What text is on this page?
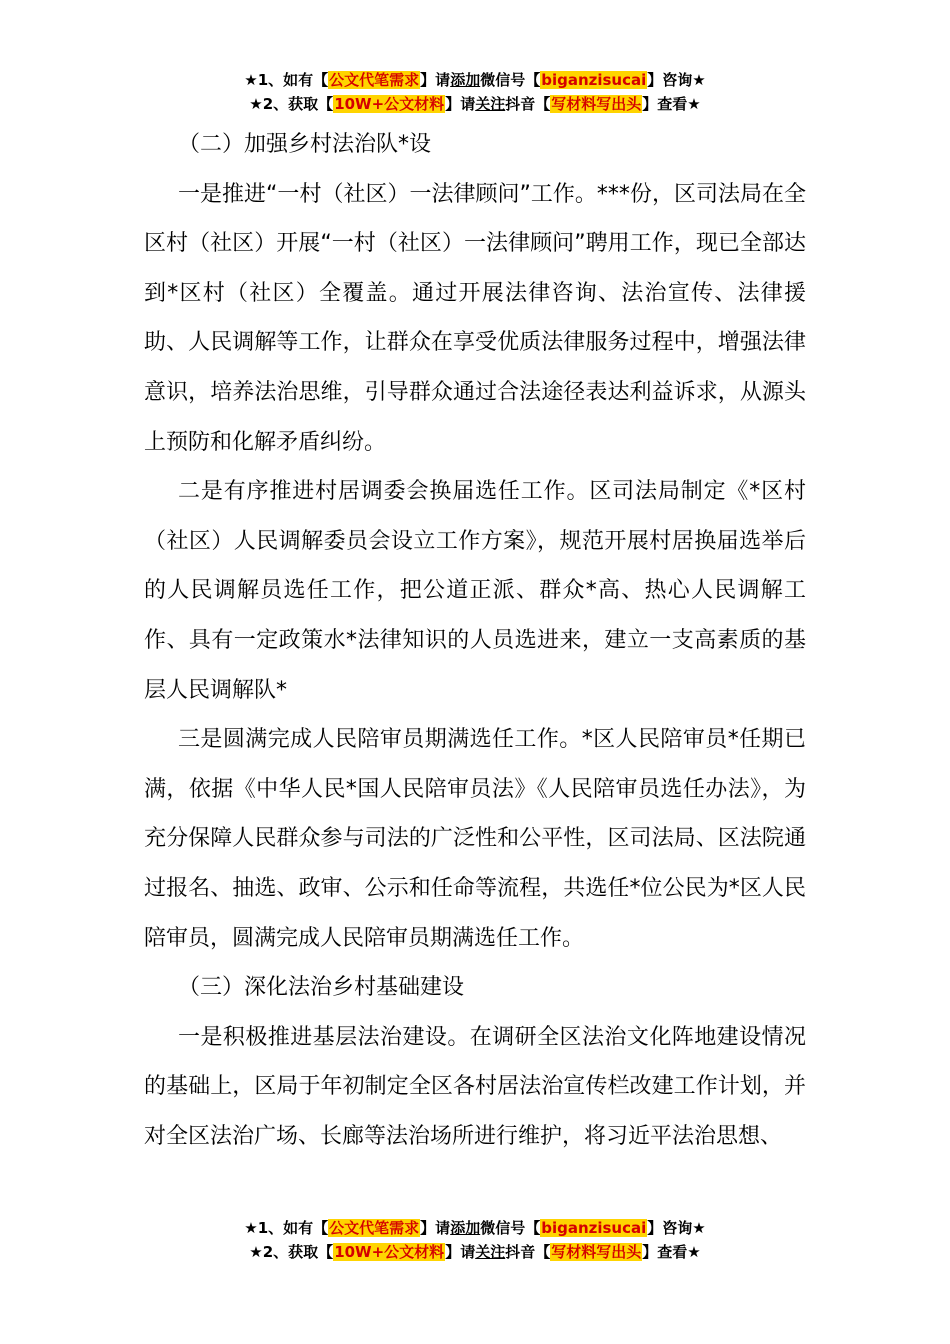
★1、如有【公文代笔需求】请添加微信号【biganzisucai】咨询★
★2、获取【10W+公文材料】请关注抖音【写材料写出头】查看★

（二）加强乡村法治队*设

一是推进“一村（社区）一法律顾问”工作。***份，区司法局在全区村（社区）开展“一村（社区）一法律顾问”聘用工作，现已全部达到*区村（社区）全覆盖。通过开展法律咨询、法治宣传、法律援助、人民调解等工作，让群众在享受优质法律服务过程中，增强法律意识，培养法治思维，引导群众通过合法途径表达利益诉求，从源头上预防和化解矛盾纠纷。

二是有序推进村居调委会换届选任工作。区司法局制定《*区村（社区）人民调解委员会设立工作方案》，规范开展村居换届选举后的人民调解员选任工作，把公道正派、群众*高、热心人民调解工作、具有一定政策水*法律知识的人员选进来，建立一支高素质的基层人民调解队*

三是圆满完成人民陪审员期满选任工作。*区人民陪审员*任期已满，依据《中华人民*国人民陪审员法》《人民陪审员选任办法》，为充分保障人民群众参与司法的广泛性和公平性，区司法局、区法院通过报名、抽选、政审、公示和任命等流程，共选任*位公民为*区人民陪审员，圆满完成人民陪审员期满选任工作。

（三）深化法治乡村基础建设

一是积极推进基层法治建设。在调研全区法治文化阵地建设情况的基础上，区局于年初制定全区各村居法治宣传栏改建工作计划，并对全区法治广场、长廊等法治场所进行维护，将习近平法治思想、

★1、如有【公文代笔需求】请添加微信号【biganzisucai】咨询★
★2、获取【10W+公文材料】请关注抖音【写材料写出头】查看★
